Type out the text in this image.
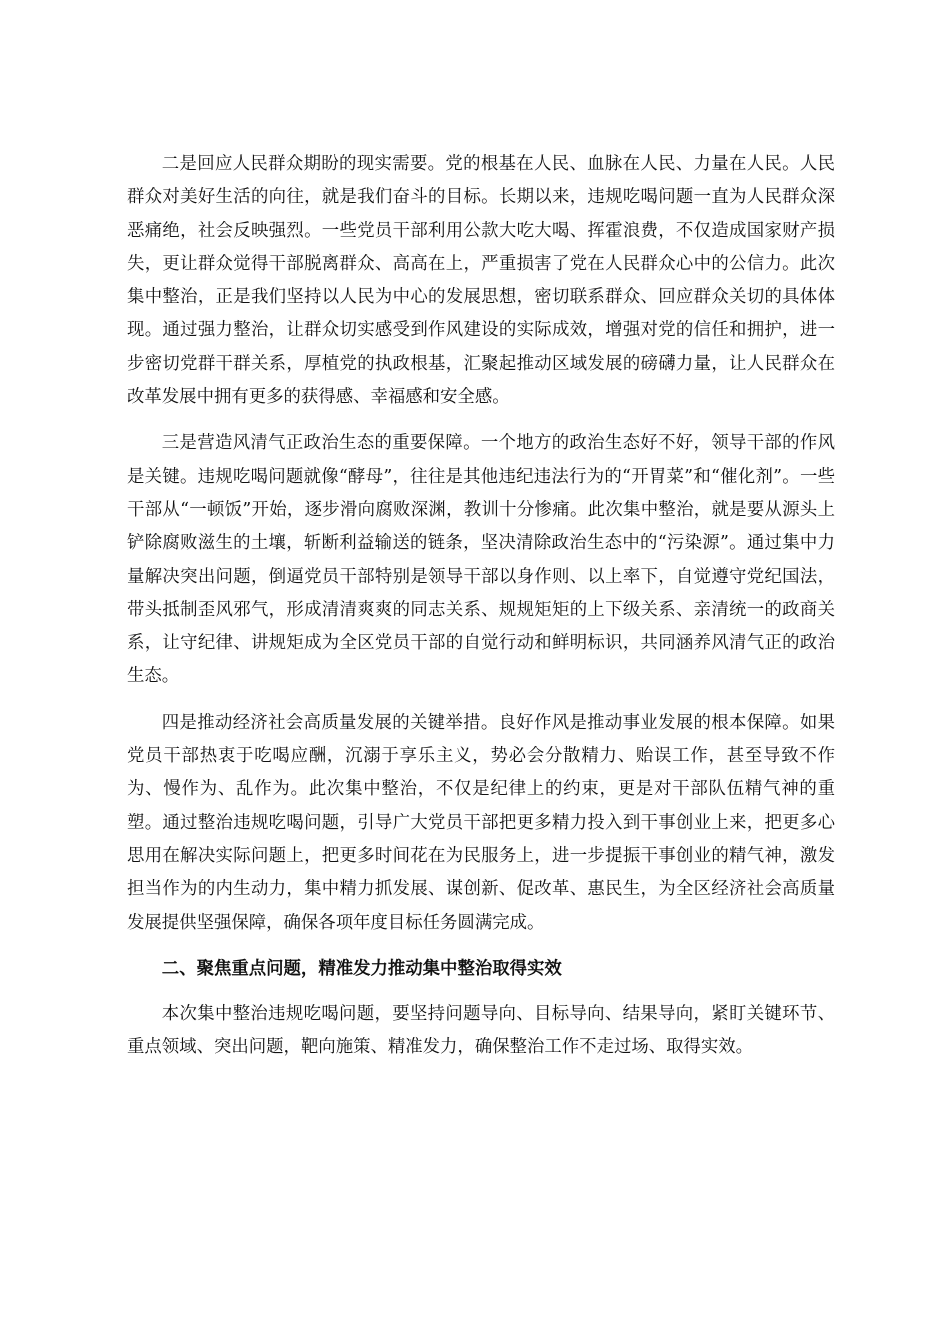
二是回应人民群众期盼的现实需要。党的根基在人民、血脉在人民、力量在人民。人民群众对美好生活的向往，就是我们奋斗的目标。长期以来，违规吃喝问题一直为人民群众深恶痛绝，社会反映强烈。一些党员干部利用公款大吃大喝、挥霍浪费，不仅造成国家财产损失，更让群众觉得干部脱离群众、高高在上，严重损害了党在人民群众心中的公信力。此次集中整治，正是我们坚持以人民为中心的发展思想，密切联系群众、回应群众关切的具体体现。通过强力整治，让群众切实感受到作风建设的实际成效，增强对党的信任和拥护，进一步密切党群干群关系，厚植党的执政根基，汇聚起推动区域发展的磅礴力量，让人民群众在改革发展中拥有更多的获得感、幸福感和安全感。

三是营造风清气正政治生态的重要保障。一个地方的政治生态好不好，领导干部的作风是关键。违规吃喝问题就像“酵母”，往往是其他违纪违法行为的“开胃菜”和“催化剂”。一些干部从“一顿饭”开始，逐步滑向腐败深渊，教训十分惨痛。此次集中整治，就是要从源头上铲除腐败滋生的土壤，斩断利益输送的链条，坚决清除政治生态中的“污染源”。通过集中力量解决突出问题，倒逼党员干部特别是领导干部以身作则、以上率下，自觉遵守党纪国法，带头抵制歪风邪气，形成清清爽爽的同志关系、规规矩矩的上下级关系、亲清统一的政商关系，让守纪律、讲规矩成为全区党员干部的自觉行动和鲜明标识，共同涵养风清气正的政治生态。

四是推动经济社会高质量发展的关键举措。良好作风是推动事业发展的根本保障。如果党员干部热衷于吃喝应酬，沉溺于享乐主义，势必会分散精力、贻误工作，甚至导致不作为、慢作为、乱作为。此次集中整治，不仅是纪律上的约束，更是对干部队伍精气神的重塑。通过整治违规吃喝问题，引导广大党员干部把更多精力投入到干事创业上来，把更多心思用在解决实际问题上，把更多时间花在为民服务上，进一步提振干事创业的精气神，激发担当作为的内生动力，集中精力抓发展、谋创新、促改革、惠民生，为全区经济社会高质量发展提供坚强保障，确保各项年度目标任务圆满完成。

二、聚焦重点问题，精准发力推动集中整治取得实效

本次集中整治违规吃喝问题，要坚持问题导向、目标导向、结果导向，紧盯关键环节、重点领域、突出问题，靶向施策、精准发力，确保整治工作不走过场、取得实效。
